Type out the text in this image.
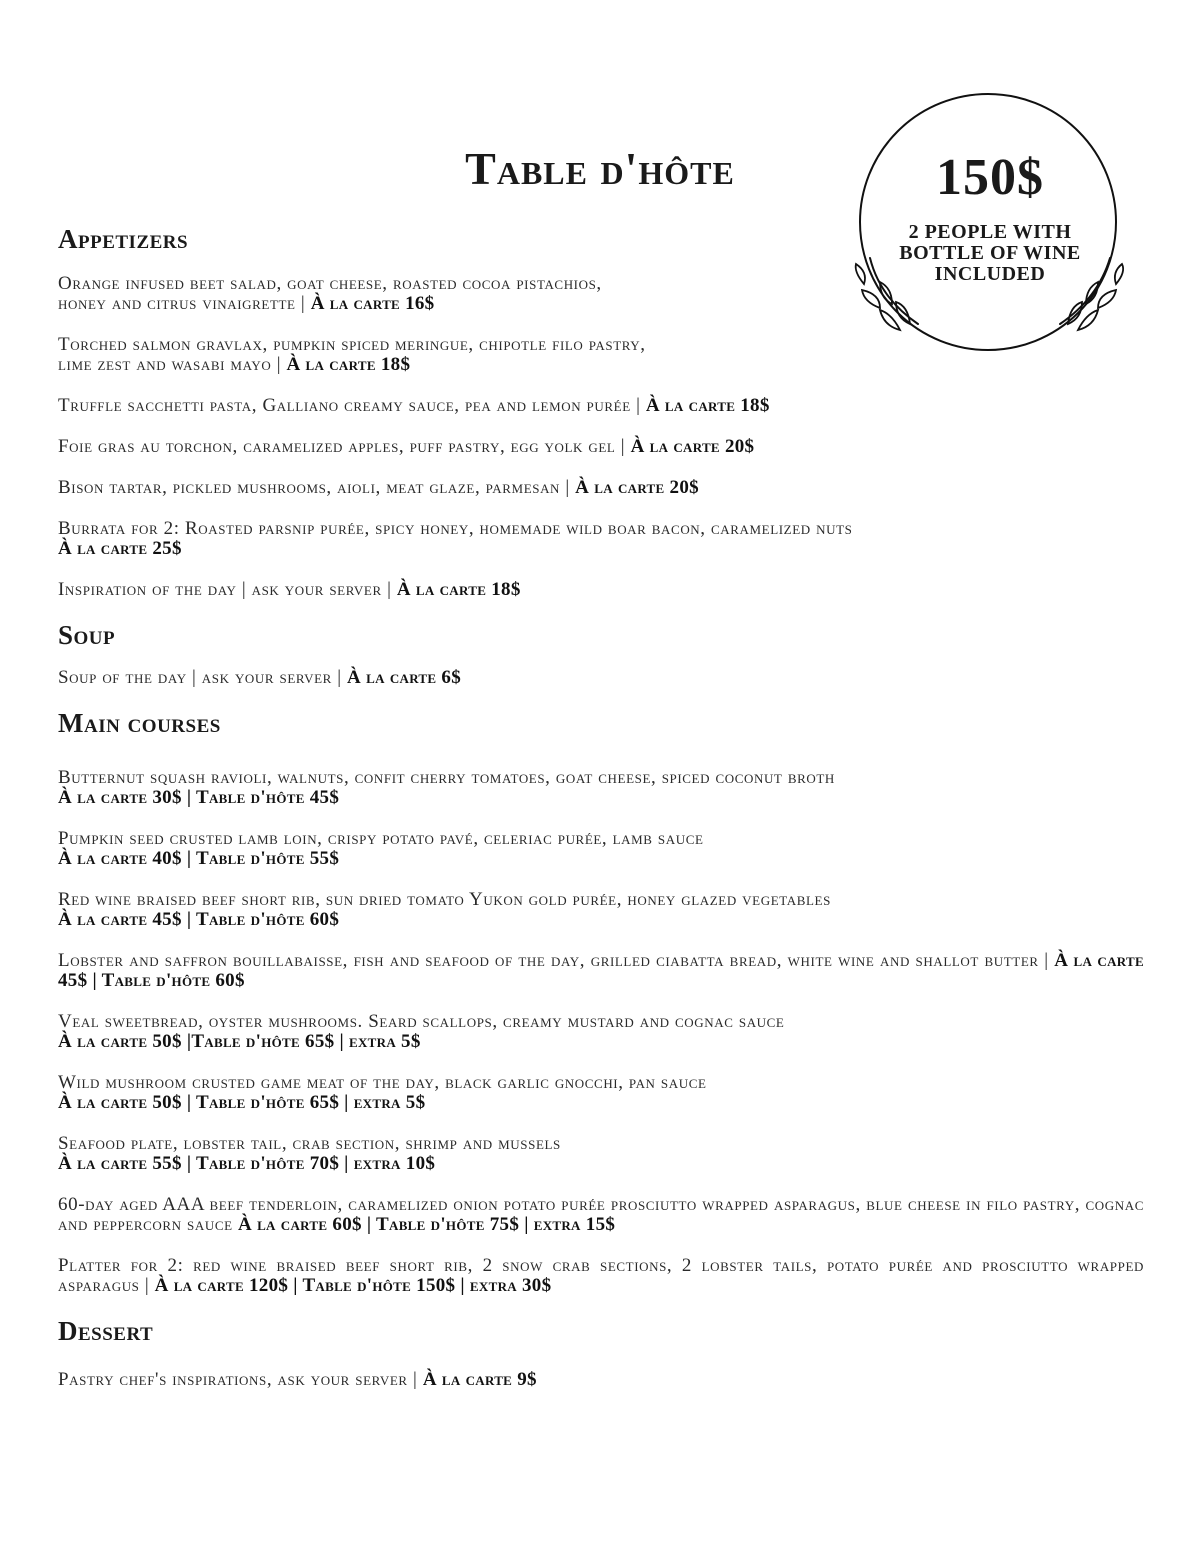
Table d'hôte	150$
2 PEOPLE WITH
BOTTLE OF WINE
INCLUDED
Appetizers
Orange infused beet salad, goat cheese, roasted cocoa pistachios,
honey and citrus vinaigrette | À la carte 16$
Torched salmon gravlax, pumpkin spiced meringue, chipotle filo pastry,
lime zest and wasabi mayo | À la carte 18$
Truffle sacchetti pasta, Galliano creamy sauce, pea and lemon purée | À la carte 18$
Foie gras au torchon, caramelized apples, puff pastry, egg yolk gel | À la carte 20$
Bison tartar, pickled mushrooms, aioli, meat glaze, parmesan | À la carte 20$
Burrata for 2: Roasted parsnip purée, spicy honey, homemade wild boar bacon, caramelized nuts
À la carte 25$
Inspiration of the day | ask your server | À la carte 18$
Soup
Soup of the day | ask your server | À la carte 6$
Main courses
Butternut squash ravioli, walnuts, confit cherry tomatoes, goat cheese, spiced coconut broth
À la carte 30$ | Table d'hôte 45$
Pumpkin seed crusted lamb loin, crispy potato pavé, celeriac purée, lamb sauce
À la carte 40$ | Table d'hôte 55$
Red wine braised beef short rib, sun dried tomato Yukon gold purée, honey glazed vegetables
À la carte 45$ | Table d'hôte 60$
Lobster and saffron bouillabaisse, fish and seafood of the day, grilled ciabatta bread, white wine and shallot butter | À la carte 45$ | Table d'hôte 60$
Veal sweetbread, oyster mushrooms. Seard scallops, creamy mustard and cognac sauce
À la carte 50$ |Table d'hôte 65$ | extra 5$
Wild mushroom crusted game meat of the day, black garlic gnocchi, pan sauce
À la carte 50$ | Table d'hôte 65$ | extra 5$
Seafood plate, lobster tail, crab section, shrimp and mussels
À la carte 55$ | Table d'hôte 70$ | extra 10$
60-day aged AAA beef tenderloin, caramelized onion potato purée prosciutto wrapped asparagus, blue cheese in filo pastry, cognac and peppercorn sauce À la carte 60$ | Table d'hôte 75$ | extra 15$
Platter for 2: red wine braised beef short rib, 2 snow crab sections, 2 lobster tails, potato purée and prosciutto wrapped asparagus | À la carte 120$ | Table d'hôte 150$ | extra 30$
Dessert
Pastry chef's inspirations, ask your server | À la carte 9$
